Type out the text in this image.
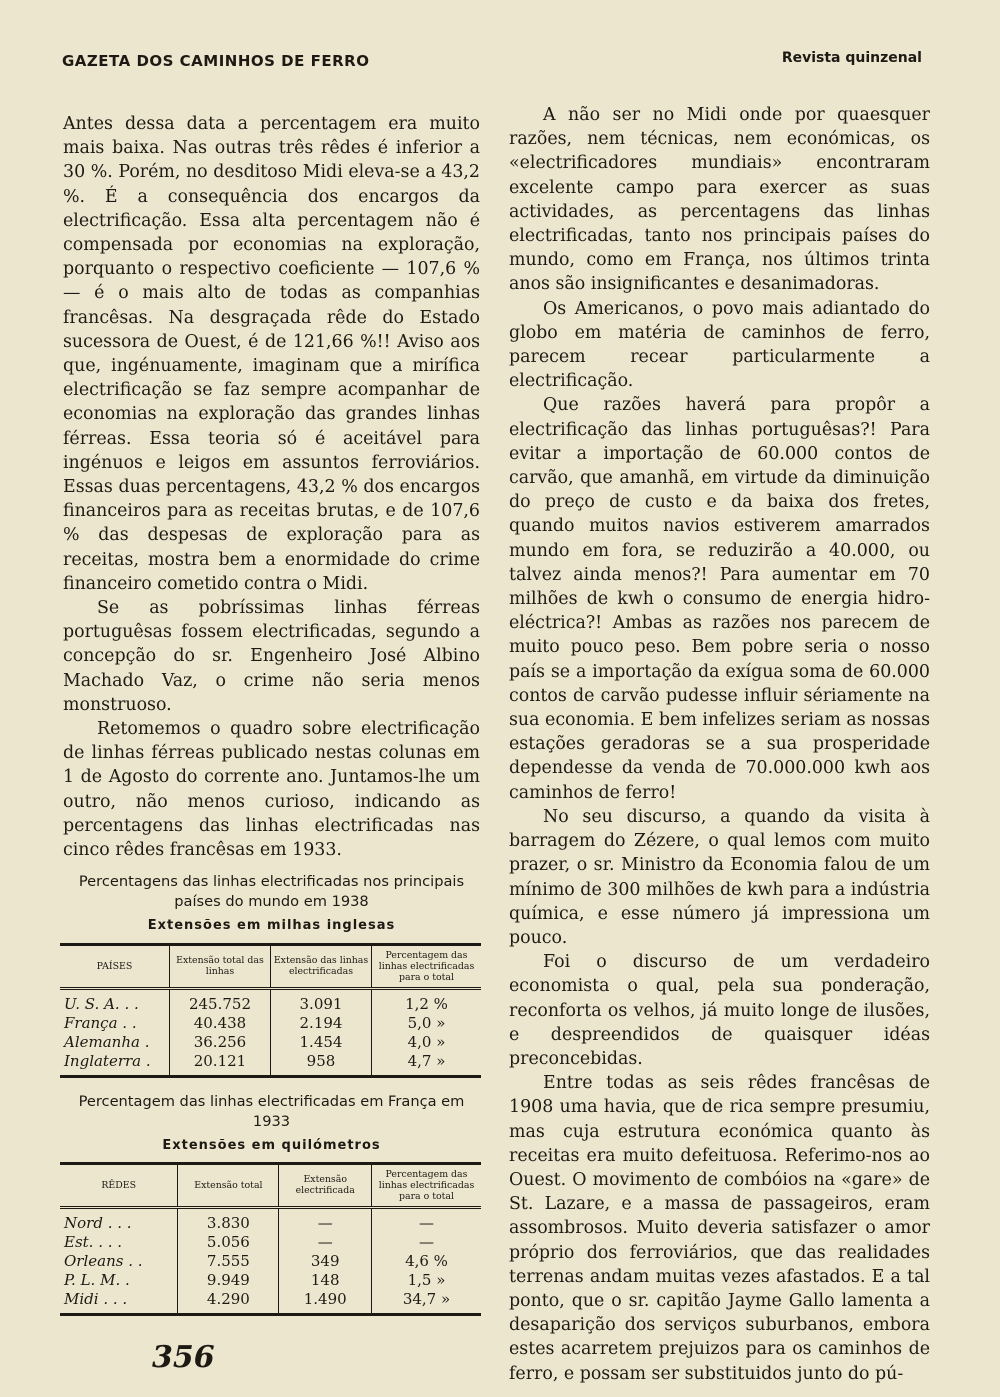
GAZETA DOS CAMINHOS DE FERRO	Revista quinzenal

Antes dessa data a percentagem era muito mais baixa. Nas outras três rêdes é inferior a 30 %. Porém, no desditoso Midi eleva-se a 43,2 %. É a consequência dos encargos da electrificação. Essa alta percentagem não é compensada por economias na exploração, porquanto o respectivo coeficiente — 107,6 % — é o mais alto de todas as companhias francêsas. Na desgraçada rêde do Estado sucessora de Ouest, é de 121,66 %!! Aviso aos que, ingénuamente, imaginam que a mirífica electrificação se faz sempre acompanhar de economias na exploração das grandes linhas férreas. Essa teoria só é aceitável para ingénuos e leigos em assuntos ferroviários. Essas duas percentagens, 43,2 % dos encargos financeiros para as receitas brutas, e de 107,6 % das despesas de exploração para as receitas, mostra bem a enormidade do crime financeiro cometido contra o Midi.

Se as pobríssimas linhas férreas portuguêsas fossem electrificadas, segundo a concepção do sr. Engenheiro José Albino Machado Vaz, o crime não seria menos monstruoso.

Retomemos o quadro sobre electrificação de linhas férreas publicado nestas colunas em 1 de Agosto do corrente ano. Juntamos-lhe um outro, não menos curioso, indicando as percentagens das linhas electrificadas nas cinco rêdes francêsas em 1933.

Percentagens das linhas electrificadas nos principais países do mundo em 1938
Extensões em milhas inglesas
PAÍSES	Extensão total das linhas	Extensão das linhas electrificadas	Percentagem das linhas electrificadas para o total
U. S. A. . .	245.752	3.091	1,2 %
França . .	40.438	2.194	5,0 »
Alemanha .	36.256	1.454	4,0 »
Inglaterra .	20.121	958	4,7 »
Percentagem das linhas electrificadas em França em 1933
Extensões em quilómetros
RÊDES	Extensão total	Extensão electrificada	Percentagem das linhas electrificadas para o total
Nord . . .	3.830	—	—
Est. . . .	5.056	—	—
Orleans . .	7.555	349	4,6 %
P. L. M. .	9.949	148	1,5 »
Midi . . .	4.290	1.490	34,7 »

A não ser no Midi onde por quaesquer razões, nem técnicas, nem económicas, os «electrificadores mundiais» encontraram excelente campo para exercer as suas actividades, as percentagens das linhas electrificadas, tanto nos principais países do mundo, como em França, nos últimos trinta anos são insignificantes e desanimadoras.

Os Americanos, o povo mais adiantado do globo em matéria de caminhos de ferro, parecem recear particularmente a electrificação.

Que razões haverá para propôr a electrificação das linhas portuguêsas?! Para evitar a importação de 60.000 contos de carvão, que amanhã, em virtude da diminuição do preço de custo e da baixa dos fretes, quando muitos navios estiverem amarrados mundo em fora, se reduzirão a 40.000, ou talvez ainda menos?! Para aumentar em 70 milhões de kwh o consumo de energia hidro-eléctrica?! Ambas as razões nos parecem de muito pouco peso. Bem pobre seria o nosso país se a importação da exígua soma de 60.000 contos de carvão pudesse influir sériamente na sua economia. E bem infelizes seriam as nossas estações geradoras se a sua prosperidade dependesse da venda de 70.000.000 kwh aos caminhos de ferro!

No seu discurso, a quando da visita à barragem do Zézere, o qual lemos com muito prazer, o sr. Ministro da Economia falou de um mínimo de 300 milhões de kwh para a indústria química, e esse número já impressiona um pouco.

Foi o discurso de um verdadeiro economista o qual, pela sua ponderação, reconforta os velhos, já muito longe de ilusões, e despreendidos de quaisquer idéas preconcebidas.

Entre todas as seis rêdes francêsas de 1908 uma havia, que de rica sempre presumiu, mas cuja estrutura económica quanto às receitas era muito defeituosa. Referimo-nos ao Ouest. O movimento de combóios na «gare» de St. Lazare, e a massa de passageiros, eram assombrosos. Muito deveria satisfazer o amor próprio dos ferroviários, que das realidades terrenas andam muitas vezes afastados. E a tal ponto, que o sr. capitão Jayme Gallo lamenta a desaparição dos serviços suburbanos, embora estes acarretem prejuizos para os caminhos de ferro, e possam ser substituidos junto do pú-

356
